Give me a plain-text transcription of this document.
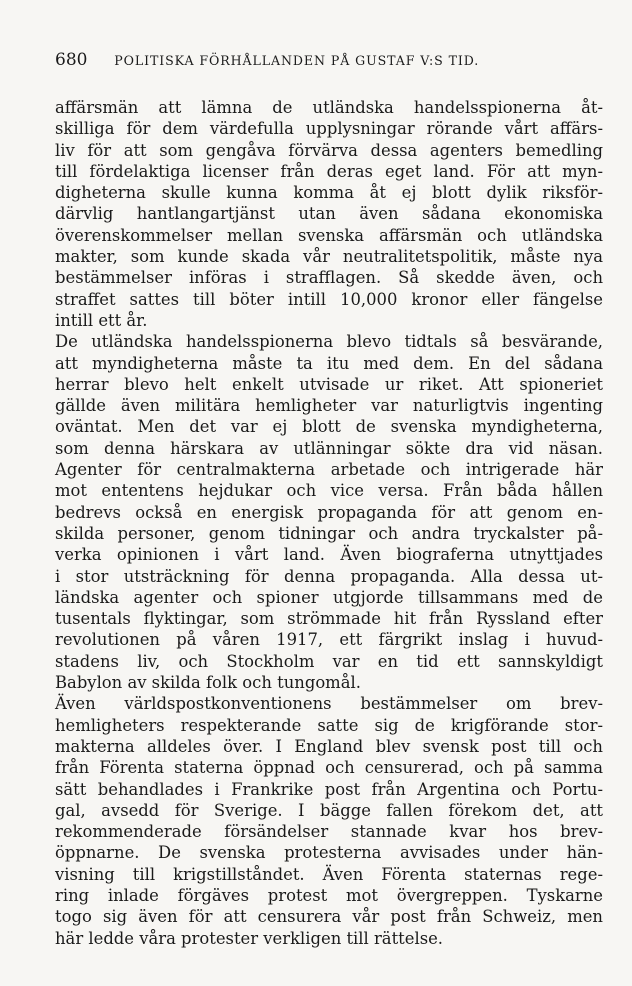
680 POLITISKA FÖRHÅLLANDEN PÅ GUSTAF V:S TID.
affärsmän att lämna de utländska handelsspionerna åt-
skilliga för dem värdefulla upplysningar rörande vårt affärs-
liv för att som gengåva förvärva dessa agenters bemedling
till fördelaktiga licenser från deras eget land. För att myn-
digheterna skulle kunna komma åt ej blott dylik riksför-
därvlig hantlangartjänst utan även sådana ekonomiska
överenskommelser mellan svenska affärsmän och utländska
makter, som kunde skada vår neutralitetspolitik, måste nya
bestämmelser införas i strafflagen. Så skedde även, och
straffet sattes till böter intill 10,000 kronor eller fängelse
intill ett år.
De utländska handelsspionerna blevo tidtals så besvärande,
att myndigheterna måste ta itu med dem. En del sådana
herrar blevo helt enkelt utvisade ur riket. Att spioneriet
gällde även militära hemligheter var naturligtvis ingenting
oväntat. Men det var ej blott de svenska myndigheterna,
som denna härskara av utlänningar sökte dra vid näsan.
Agenter för centralmakterna arbetade och intrigerade här
mot ententens hejdukar och vice versa. Från båda hållen
bedrevs också en energisk propaganda för att genom en-
skilda personer, genom tidningar och andra tryckalster på-
verka opinionen i vårt land. Även biograferna utnyttjades
i stor utsträckning för denna propaganda. Alla dessa ut-
ländska agenter och spioner utgjorde tillsammans med de
tusentals flyktingar, som strömmade hit från Ryssland efter
revolutionen på våren 1917, ett färgrikt inslag i huvud-
stadens liv, och Stockholm var en tid ett sannskyldigt
Babylon av skilda folk och tungomål.
Även världspostkonventionens bestämmelser om brev-
hemligheters respekterande satte sig de krigförande stor-
makterna alldeles över. I England blev svensk post till och
från Förenta staterna öppnad och censurerad, och på samma
sätt behandlades i Frankrike post från Argentina och Portu-
gal, avsedd för Sverige. I bägge fallen förekom det, att
rekommenderade försändelser stannade kvar hos brev-
öppnarne. De svenska protesterna avvisades under hän-
visning till krigstillståndet. Även Förenta staternas rege-
ring inlade förgäves protest mot övergreppen. Tyskarne
togo sig även för att censurera vår post från Schweiz, men
här ledde våra protester verkligen till rättelse.
